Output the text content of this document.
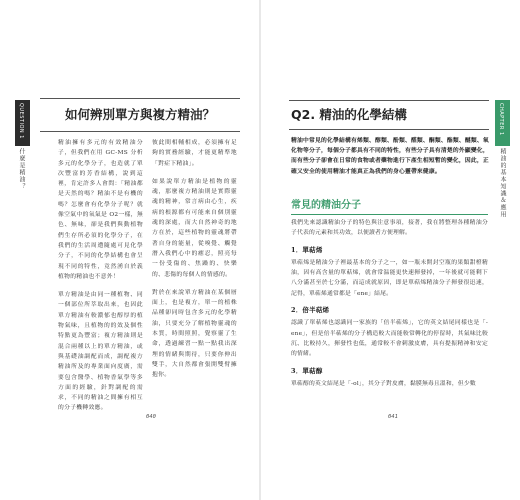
QUESTION 1
什麼是精油？
如何辨別單方與複方精油？

精油擁有多元的有效精油分子，但我們在用 GC-MS 分析多元的化學分子，也造就了單次豐富的芳香結構，說到這裡，肯定許多人會問：「精油都是天然的嗎？精油不是有機的嗎？怎麼會有化學分子呢？就像空氣中的氧氣是 O2一樣，無色、無味，卻是我們與動植物們生存所必須的化學分子，在我們的生活周遭隨處可見化學分子，不同的化學結構也會呈現不同的特性，竟然湧自於義植物的精油也不意外！

單方精油是由同一種植物、同一個部位所萃取出來，也因此單方精油有較濃郁也醇厚的植物氣味，且植物的的效及個性特點更為豐富；複方精油則是混合兩種以上的單方精油，或與基礎油調配而成，調配複方精油所及的專業面向度廣，需要包含醫學、植物香氣學等多方面的經驗，針對調配的需求，不同的精油之間擁有相互的分子機轉效應。

彼此間相輔相成，必須擁有足夠的實務經驗，才能更精準地「對症下精油」。

如果說單方精油是植物的靈魂，那麼複方精油則是實際靈魂的精神，常言病由心生，疾病的根源都有可能來自個別靈魂的深處，而大自然神奇的地方在於，這些植物的靈魂將帶著自身的能量，從嗅覺、觸覺潛入我們心中的癒忍，照亮每一份受傷的、焦躁的、快樂的、悲傷的每個人的情感的。

對於在來說單方精油在某個層面上，也是複方，單一的植株品種卻同時包含多元的化學精油，只要充分了解植物靈魂的本質，時間照照，覺察靈了生命，透過練習一點一點我出深埋的情緒與期待，只要你伸出雙手，大自然都會張開雙臂擁抱你。

040
Q2. 精油的化學結構
精油中常見的化學結構有烯類、醇類、酚類、醛類、酮類、酯類、醚類、氧化物等分子，每個分子都具有不同的特性，有些分子具有清楚的外顯變化，而有些分子卻會在日常的食物或者藥物進行下產生相短暫的變化，因此，正確又安全的使用精油才能真正為我們的身心靈帶來健康。
常見的精油分子

我們先來認識精油分子的特色與注意事項，接著，我在將整理各種精油分子代表的元素和其功效，以便讀者方便理解。

1．單萜烯

單萜烯是精油分子裡最基本的分子之一，如一瓶未開封空瓶的果類甜橙精油，因有高含量的單萜烯，就會常温能更快速揮發掉，一年後就可能剩下八分滿甚至於七分滿，而這成就原因，即是單萜烯精油分子揮發很迅速，記得，單萜烯通常都是「ene」結尾。

2．倍半萜烯

認識了單萜烯也認識同一家族的「倍半萜烯」，它的英文結尾同樣也是「-ene」，但是倍半萜烯的分子構造較大而能較常轉化的停留時，其氣味比較沉、比較持久，揮發性也低，通常較不會刺激皮膚，具有提振精神和安定的情緒。

3．單萜醇

單萜醇的英文結尾是「-ol」，其分子對皮膚，黏膜無毒且溫和，但少數

CHAPTER 1
精油的基本知識＆應用
041
